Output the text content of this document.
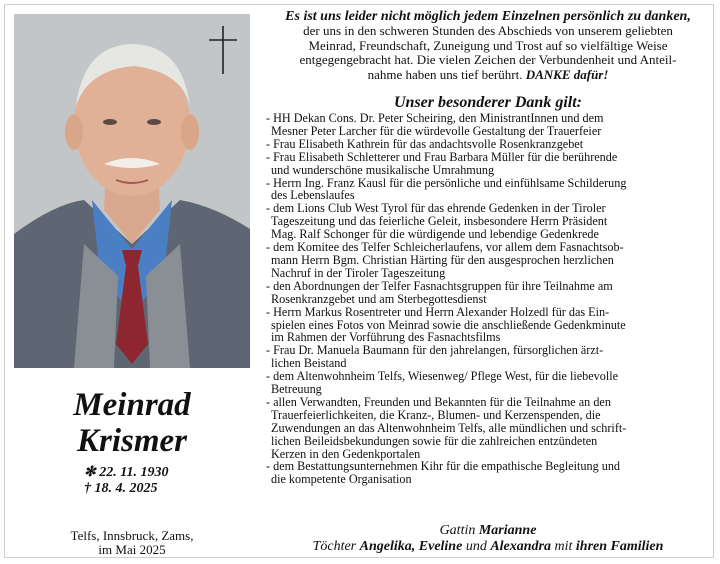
Meinrad
Krismer
✻ 22. 11. 1930
† 18. 4. 2025
Telfs, Innsbruck, Zams,
im Mai 2025
Es ist uns leider nicht möglich jedem Einzelnen persönlich zu danken,
der uns in den schweren Stunden des Abschieds von unserem geliebten
Meinrad, Freundschaft, Zuneigung und Trost auf so vielfältige Weise
entgegengebracht hat. Die vielen Zeichen der Verbundenheit und Anteil-
nahme haben uns tief berührt. DANKE dafür!
Unser besonderer Dank gilt:
- HH Dekan Cons. Dr. Peter Scheiring, den MinistrantInnen und dem
Mesner Peter Larcher für die würdevolle Gestaltung der Trauerfeier
- Frau Elisabeth Kathrein für das andachtsvolle Rosenkranzgebet
- Frau Elisabeth Schletterer und Frau Barbara Müller für die berührende
und wunderschöne musikalische Umrahmung
- Herrn Ing. Franz Kausl für die persönliche und einfühlsame Schilderung
des Lebenslaufes
- dem Lions Club West Tyrol für das ehrende Gedenken in der Tiroler
Tageszeitung und das feierliche Geleit, insbesondere Herrn Präsident
Mag. Ralf Schonger für die würdigende und lebendige Gedenkrede
- dem Komitee des Telfer Schleicherlaufens, vor allem dem Fasnachtsob-
mann Herrn Bgm. Christian Härting für den ausgesprochen herzlichen
Nachruf in der Tiroler Tageszeitung
- den Abordnungen der Telfer Fasnachtsgruppen für ihre Teilnahme am
Rosenkranzgebet und am Sterbegottesdienst
- Herrn Markus Rosentreter und Herrn Alexander Holzedl für das Ein-
spielen eines Fotos von Meinrad sowie die anschließende Gedenkminute
im Rahmen der Vorführung des Fasnachtsfilms
- Frau Dr. Manuela Baumann für den jahrelangen, fürsorglichen ärzt-
lichen Beistand
- dem Altenwohnheim Telfs, Wiesenweg/ Pflege West, für die liebevolle
Betreuung
- allen Verwandten, Freunden und Bekannten für die Teilnahme an den
Trauerfeierlichkeiten, die Kranz-, Blumen- und Kerzenspenden, die
Zuwendungen an das Altenwohnheim Telfs, alle mündlichen und schrift-
lichen Beileidsbekundungen sowie für die zahlreichen entzündeten
Kerzen in den Gedenkportalen
- dem Bestattungsunternehmen Kihr für die empathische Begleitung und
die kompetente Organisation
Gattin Marianne
Töchter Angelika, Eveline und Alexandra mit ihren Familien
